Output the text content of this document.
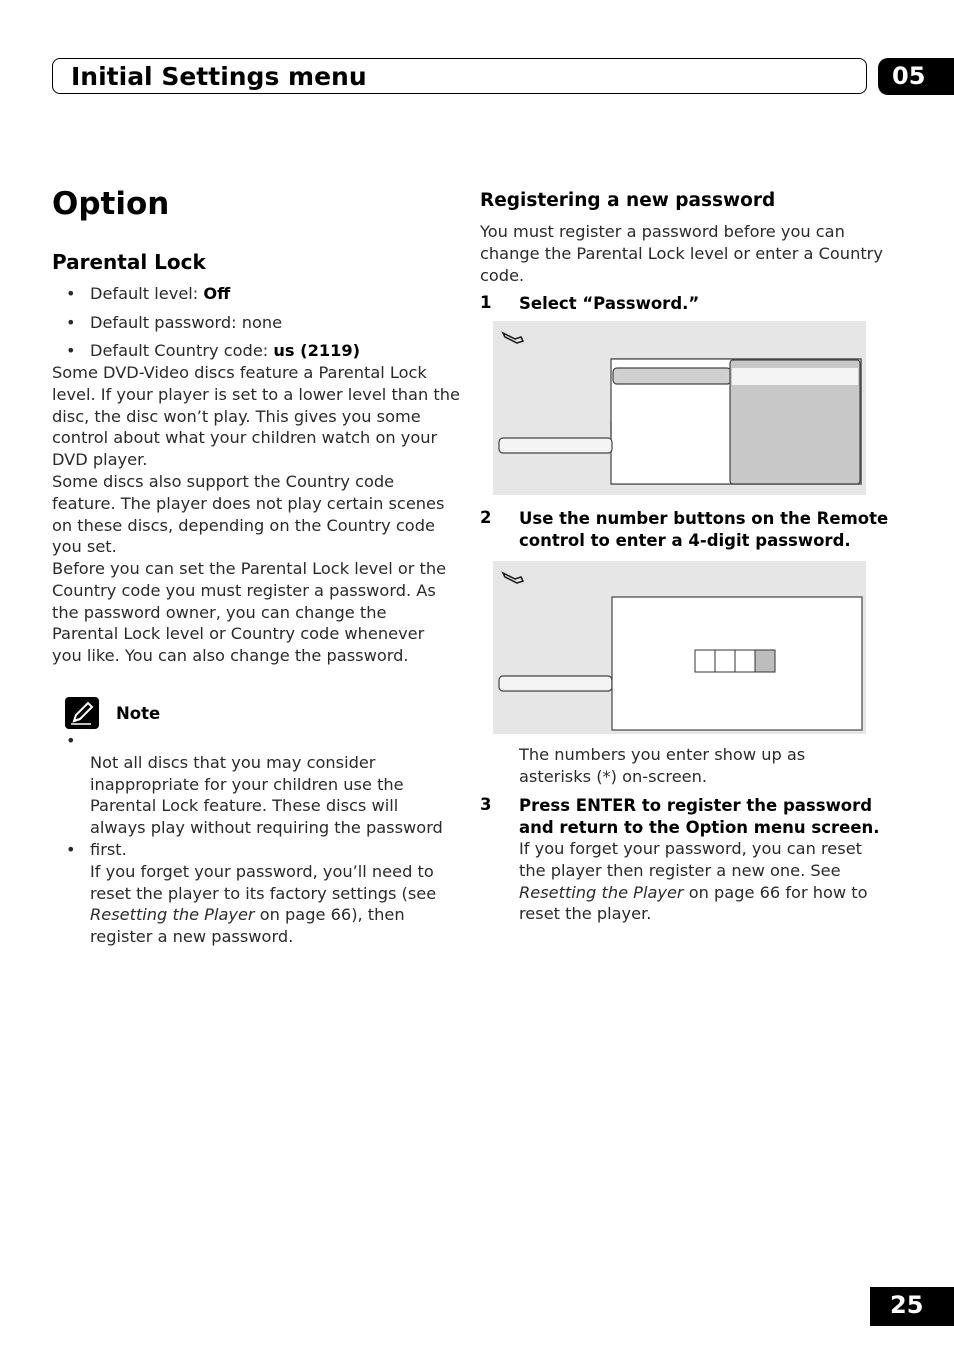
Initial Settings menu	05
Option
Parental Lock
• Default level: Off
• Default password: none
• Default Country code: us (2119)
Some DVD-Video discs feature a Parental Lock
level. If your player is set to a lower level than the
disc, the disc won’t play. This gives you some
control about what your children watch on your
DVD player.
Some discs also support the Country code
feature. The player does not play certain scenes
on these discs, depending on the Country code
you set.
Before you can set the Parental Lock level or the
Country code you must register a password. As
the password owner, you can change the
Parental Lock level or Country code whenever
you like. You can also change the password.
Note

•
Not all discs that you may consider
inappropriate for your children use the
Parental Lock feature. These discs will
always play without requiring the password
first.

•
If you forget your password, you’ll need to
reset the player to its factory settings (see
Resetting the Player on page 66), then
register a new password.

Registering a new password
You must register a password before you can
change the Parental Lock level or enter a Country
code.
1 Select “Password.”
2 Use the number buttons on the Remote
control to enter a 4-digit password.
The numbers you enter show up as
asterisks (*) on-screen.
3 Press ENTER to register the password
and return to the Option menu screen.
If you forget your password, you can reset
the player then register a new one. See
Resetting the Player on page 66 for how to
reset the player.
25
